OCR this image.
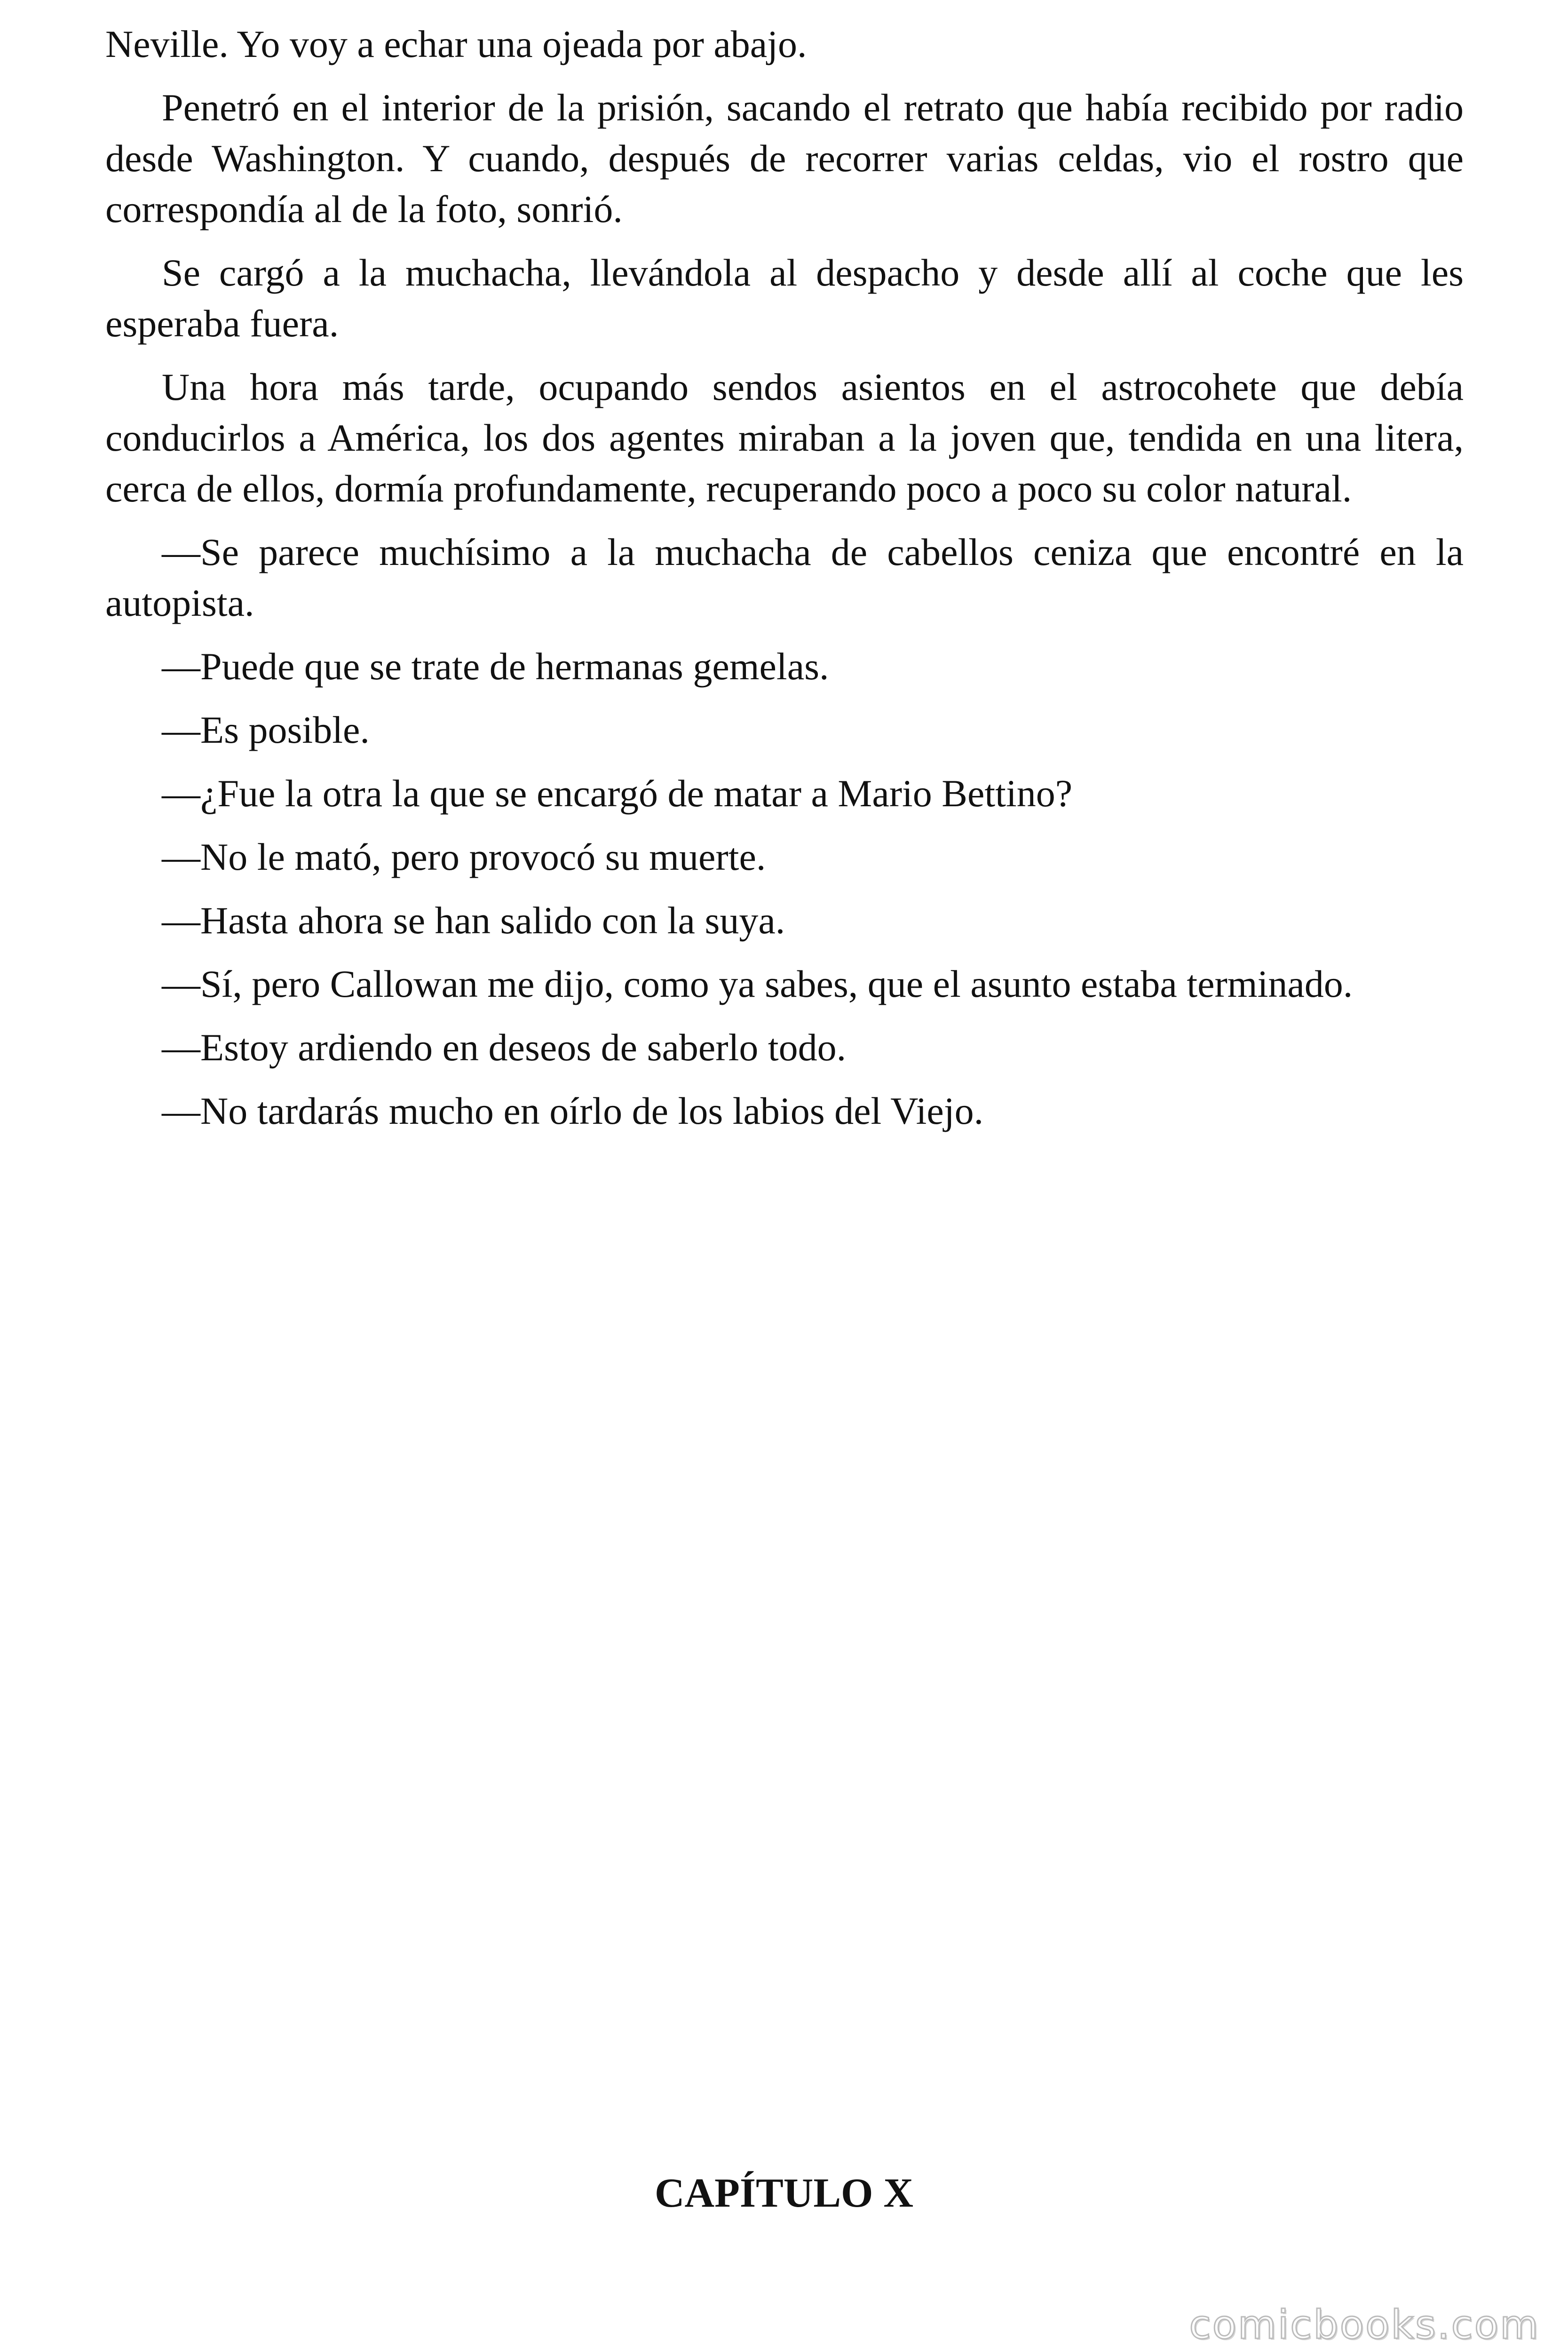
Neville. Yo voy a echar una ojeada por abajo.

Penetró en el interior de la prisión, sacando el retrato que había recibido por radio desde Washington. Y cuando, después de recorrer varias celdas, vio el rostro que correspondía al de la foto, sonrió.

Se cargó a la muchacha, llevándola al despacho y desde allí al coche que les esperaba fuera.

Una hora más tarde, ocupando sendos asientos en el astrocohete que debía conducirlos a América, los dos agentes miraban a la joven que, tendida en una litera, cerca de ellos, dormía profundamente, recuperando poco a poco su color natural.

—Se parece muchísimo a la muchacha de cabellos ceniza que encontré en la autopista.

—Puede que se trate de hermanas gemelas.

—Es posible.

—¿Fue la otra la que se encargó de matar a Mario Bettino?

—No le mató, pero provocó su muerte.

—Hasta ahora se han salido con la suya.

—Sí, pero Callowan me dijo, como ya sabes, que el asunto estaba terminado.

—Estoy ardiendo en deseos de saberlo todo.

—No tardarás mucho en oírlo de los labios del Viejo.

CAPÍTULO X
comicbooks.com
